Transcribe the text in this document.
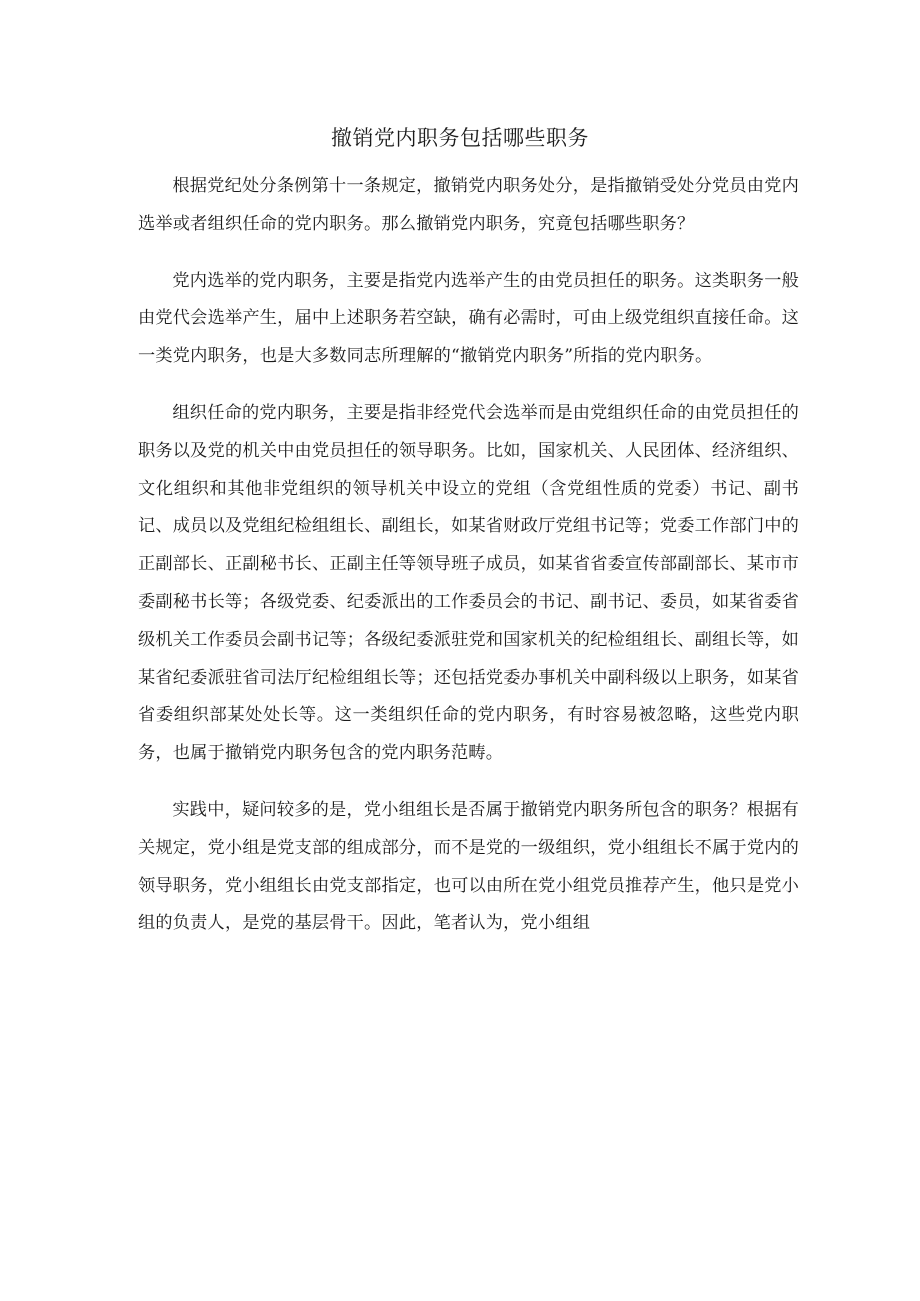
撤销党内职务包括哪些职务

根据党纪处分条例第十一条规定，撤销党内职务处分，是指撤销受处分党员由党内选举或者组织任命的党内职务。那么撤销党内职务，究竟包括哪些职务？

党内选举的党内职务，主要是指党内选举产生的由党员担任的职务。这类职务一般由党代会选举产生，届中上述职务若空缺，确有必需时，可由上级党组织直接任命。这一类党内职务，也是大多数同志所理解的“撤销党内职务”所指的党内职务。

组织任命的党内职务，主要是指非经党代会选举而是由党组织任命的由党员担任的职务以及党的机关中由党员担任的领导职务。比如，国家机关、人民团体、经济组织、文化组织和其他非党组织的领导机关中设立的党组（含党组性质的党委）书记、副书记、成员以及党组纪检组组长、副组长，如某省财政厅党组书记等；党委工作部门中的正副部长、正副秘书长、正副主任等领导班子成员，如某省省委宣传部副部长、某市市委副秘书长等；各级党委、纪委派出的工作委员会的书记、副书记、委员，如某省委省级机关工作委员会副书记等；各级纪委派驻党和国家机关的纪检组组长、副组长等，如某省纪委派驻省司法厅纪检组组长等；还包括党委办事机关中副科级以上职务，如某省省委组织部某处处长等。这一类组织任命的党内职务，有时容易被忽略，这些党内职务，也属于撤销党内职务包含的党内职务范畴。

实践中，疑问较多的是，党小组组长是否属于撤销党内职务所包含的职务？根据有关规定，党小组是党支部的组成部分，而不是党的一级组织，党小组组长不属于党内的领导职务，党小组组长由党支部指定，也可以由所在党小组党员推荐产生，他只是党小组的负责人，是党的基层骨干。因此，笔者认为，党小组组
